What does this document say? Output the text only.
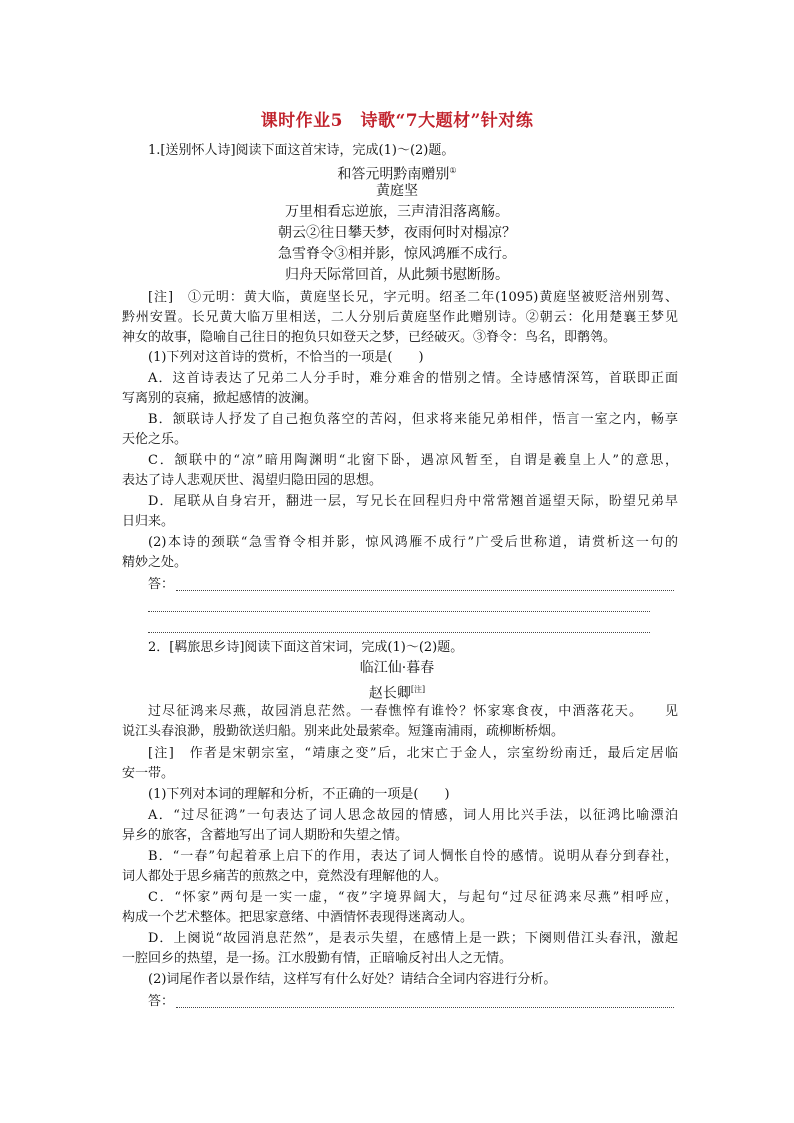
课时作业5　诗歌“7大题材”针对练
1.[送别怀人诗]阅读下面这首宋诗，完成(1)～(2)题。
和答元明黔南赠别①
黄庭坚
万里相看忘逆旅，三声清泪落离觞。
朝云②往日攀天梦，夜雨何时对榻凉？
急雪脊令③相并影，惊风鸿雁不成行。
归舟天际常回首，从此频书慰断肠。
[注]　①元明：黄大临，黄庭坚长兄，字元明。绍圣二年(1095)黄庭坚被贬涪州别驾、
黔州安置。长兄黄大临万里相送，二人分别后黄庭坚作此赠别诗。②朝云：化用楚襄王梦见
神女的故事，隐喻自己往日的抱负只如登天之梦，已经破灭。③脊令：鸟名，即鹡鸰。
(1)下列对这首诗的赏析，不恰当的一项是(　　)
A．这首诗表达了兄弟二人分手时，难分难舍的惜别之情。全诗感情深笃，首联即正面
写离别的哀痛，掀起感情的波澜。
B．颔联诗人抒发了自己抱负落空的苦闷，但求将来能兄弟相伴，悟言一室之内，畅享
天伦之乐。
C．颔联中的“凉”暗用陶渊明“北窗下卧，遇凉风暂至，自谓是羲皇上人”的意思，
表达了诗人悲观厌世、渴望归隐田园的思想。
D．尾联从自身宕开，翻进一层，写兄长在回程归舟中常常翘首遥望天际，盼望兄弟早
日归来。
(2)本诗的颈联“急雪脊令相并影，惊风鸿雁不成行”广受后世称道，请赏析这一句的
精妙之处。
答：
2．[羁旅思乡诗]阅读下面这首宋词，完成(1)～(2)题。
临江仙·暮春
赵长卿[注]
过尽征鸿来尽燕，故园消息茫然。一春憔悴有谁怜？怀家寒食夜，中酒落花天。　　见
说江头春浪渺，殷勤欲送归船。别来此处最萦牵。短篷南浦雨，疏柳断桥烟。
[注]　作者是宋朝宗室，“靖康之变”后，北宋亡于金人，宗室纷纷南迁，最后定居临
安一带。
(1)下列对本词的理解和分析，不正确的一项是(　　)
A．“过尽征鸿”一句表达了词人思念故园的情感，词人用比兴手法，以征鸿比喻漂泊
异乡的旅客，含蓄地写出了词人期盼和失望之情。
B．“一春”句起着承上启下的作用，表达了词人惆怅自怜的感情。说明从春分到春社，
词人都处于思乡痛苦的煎熬之中，竟然没有理解他的人。
C．“怀家”两句是一实一虚，“夜”字境界阔大，与起句“过尽征鸿来尽燕”相呼应，
构成一个艺术整体。把思家意绪、中酒情怀表现得迷离动人。
D．上阕说“故园消息茫然”，是表示失望，在感情上是一跌；下阕则借江头春汛，激起
一腔回乡的热望，是一扬。江水殷勤有情，正暗喻反衬出人之无情。
(2)词尾作者以景作结，这样写有什么好处？请结合全词内容进行分析。
答：
